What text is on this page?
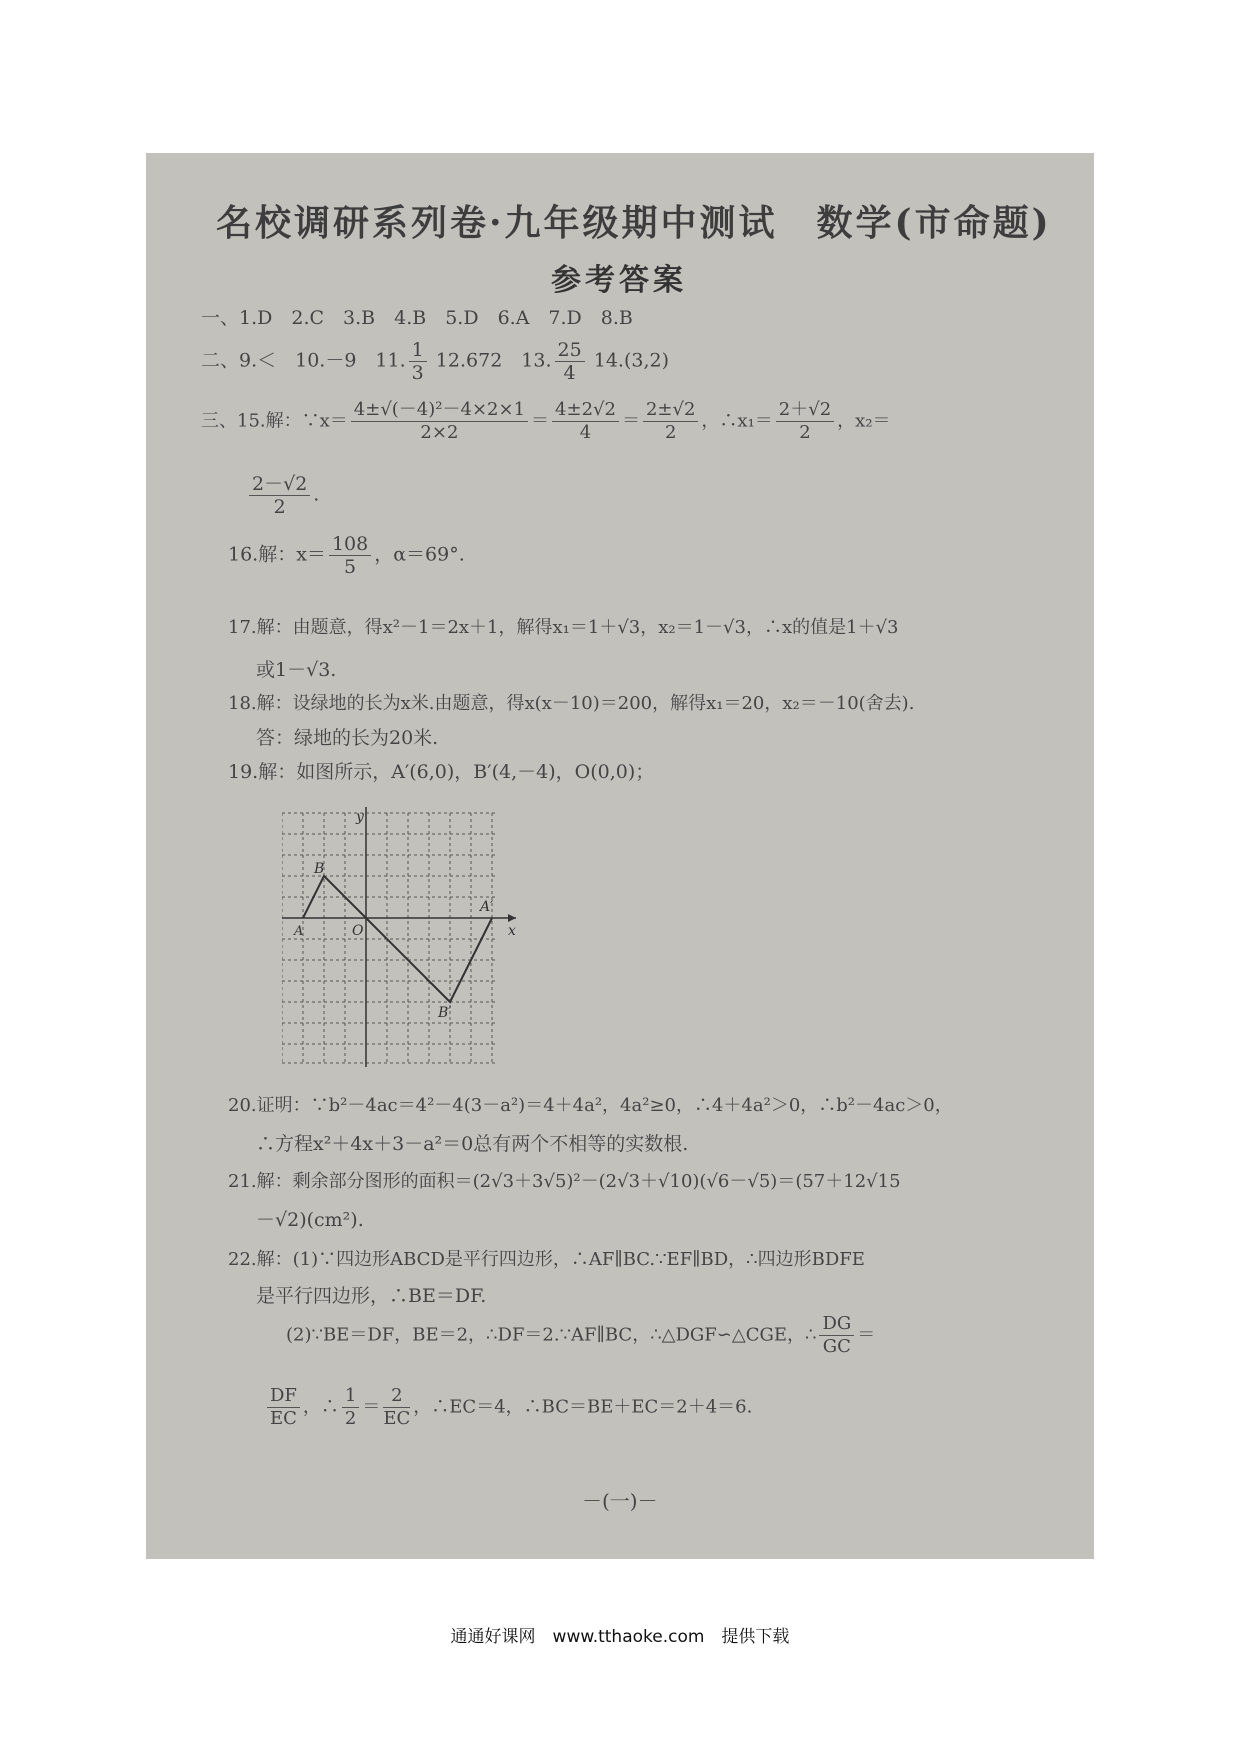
名校调研系列卷·九年级期中测试　数学(市命题)
参考答案
一、1.D　2.C　3.B　4.B　5.D　6.A　7.D　8.B
二、9.＜　10.－9　11. $\frac{1}{3} 12.672$　13. $\frac{25}{4} 14.(3,2)$
三、15.解：∵x＝ $\frac{\text{4±√(－4)²－4×2×1}}{2\times 2} = \frac{4\pm 2√2}{4} = \frac{2\pm√2}{2}$ ，∴x₁＝ $\frac{2+√2}{2}$ ，x₂＝
$\frac{2-√2}{2}$ .
16.解：$x= \frac{108}{5}$ ，α＝69°.
17.解：由题意，得x²－1＝2x＋1，解得x₁＝1＋√3，x₂＝1－√3，∴x的值是1＋√3
或1－√3.
18.解：设绿地的长为x米.由题意，得x(x－10)＝200，解得x₁＝20，x₂＝－10(舍去).
答：绿地的长为20米.
19.解：如图所示，A′(6,0)，B′(4,－4)，O(0,0)；
y
x
B
A	O
A′
B′
20.证明：∵b²－4ac＝4²－4(3－a²)＝4＋4a²，4a²≥0，∴4＋4a²＞0，∴b²－4ac＞0，
∴方程x²＋4x＋3－a²＝0总有两个不相等的实数根.
21.解：剩余部分图形的面积＝(2√3＋3√5)²－(2√3＋√10)(√6－√5)＝(57＋12√15
－√2)(cm²).
22.解：(1)∵四边形ABCD是平行四边形，∴AF∥BC.∵EF∥BD，∴四边形BDFE
是平行四边形，∴BE＝DF.
(2)∵BE＝DF，BE＝2，∴DF＝2.∵AF∥BC，∴△DGF∽△CGE，∴ $\frac{DG}{GC}$ ＝
$\frac{DF}{EC}$ ，∴ $\frac{1}{2} = \frac{2}{EC}$ ，∴EC＝4，∴BC＝BE＋EC＝2＋4＝6.
－(一)－
通通好课网　www.tthaoke.com　提供下载
